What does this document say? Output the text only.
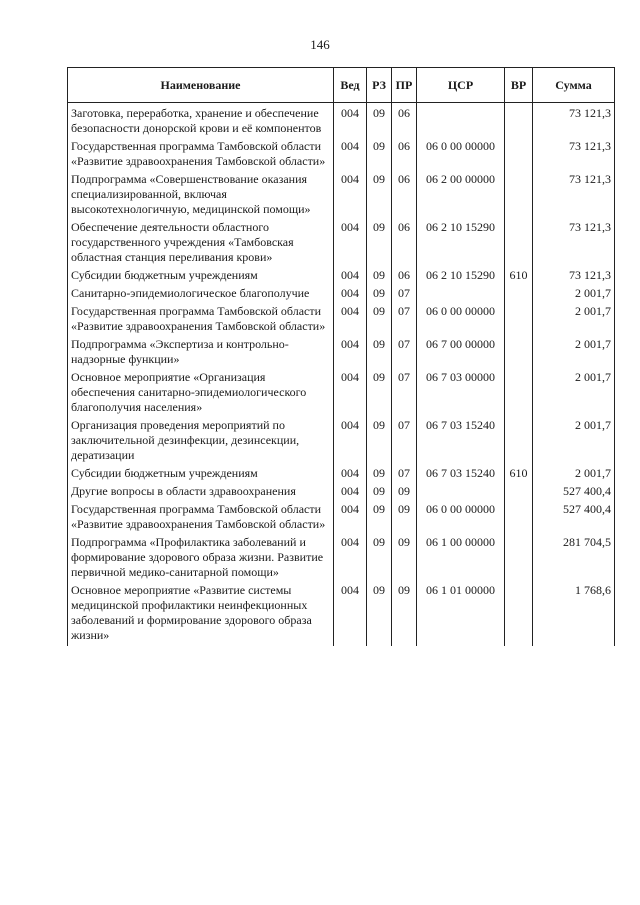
146
Наименование	Вед	РЗ	ПР	ЦСР	ВР	Сумма
Заготовка, переработка, хранение и обеспечение безопасности донорской крови и её компонентов	004	09	06			73 121,3
Государственная программа Тамбовской области «Развитие здравоохранения Тамбовской области»	004	09	06	06 0 00 00000		73 121,3
Подпрограмма «Совершенствование оказания специализированной, включая высокотехнологичную, медицинской помощи»	004	09	06	06 2 00 00000		73 121,3
Обеспечение деятельности областного государственного учреждения «Тамбовская областная станция переливания крови»	004	09	06	06 2 10 15290		73 121,3
Субсидии бюджетным учреждениям	004	09	06	06 2 10 15290	610	73 121,3
Санитарно-эпидемиологическое благополучие	004	09	07			2 001,7
Государственная программа Тамбовской области «Развитие здравоохранения Тамбовской области»	004	09	07	06 0 00 00000		2 001,7
Подпрограмма «Экспертиза и контрольно-надзорные функции»	004	09	07	06 7 00 00000		2 001,7
Основное мероприятие «Организация обеспечения санитарно-эпидемиологического благополучия населения»	004	09	07	06 7 03 00000		2 001,7
Организация проведения мероприятий по заключительной дезинфекции, дезинсекции, дератизации	004	09	07	06 7 03 15240		2 001,7
Субсидии бюджетным учреждениям	004	09	07	06 7 03 15240	610	2 001,7
Другие вопросы в области здравоохранения	004	09	09			527 400,4
Государственная программа Тамбовской области «Развитие здравоохранения Тамбовской области»	004	09	09	06 0 00 00000		527 400,4
Подпрограмма «Профилактика заболеваний и формирование здорового образа жизни. Развитие первичной медико-санитарной помощи»	004	09	09	06 1 00 00000		281 704,5
Основное мероприятие «Развитие системы медицинской профилактики неинфекционных заболеваний и формирование здорового образа жизни»	004	09	09	06 1 01 00000		1 768,6
